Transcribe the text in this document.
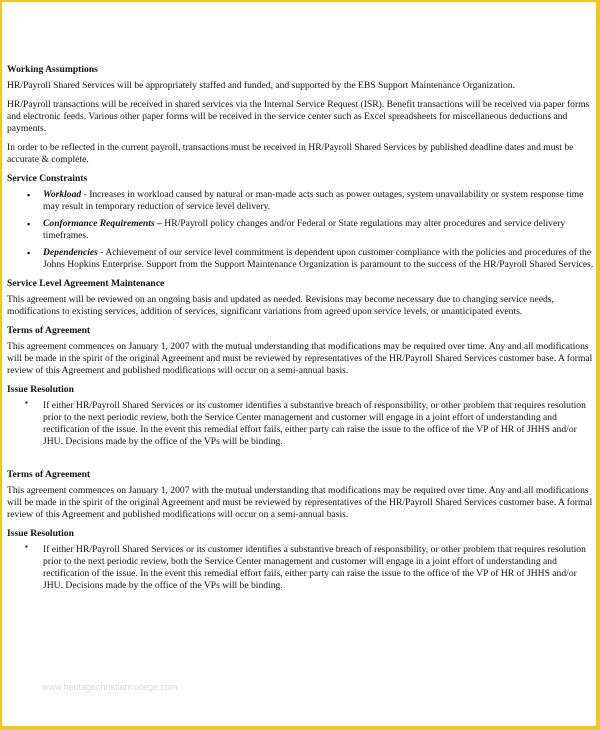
Working Assumptions

HR/Payroll Shared Services will be appropriately staffed and funded, and supported by the EBS Support Maintenance Organization.

HR/Payroll transactions will be received in shared services via the Internal Service Request (ISR). Benefit transactions will be received via paper forms and electronic feeds. Various other paper forms will be received in the service center such as Excel spreadsheets for miscellaneous deductions and payments.

In order to be reflected in the current payroll, transactions must be received in HR/Payroll Shared Services by published deadline dates and must be accurate & complete.

Service Constraints
▪ Workload - Increases in workload caused by natural or man-made acts such as power outages, system unavailability or system response time may result in temporary reduction of service level delivery.
▪ Conformance Requirements – HR/Payroll policy changes and/or Federal or State regulations may alter procedures and service delivery timeframes.
▪ Dependencies - Achievement of our service level commitment is dependent upon customer compliance with the policies and procedures of the Johns Hopkins Enterprise. Support from the Support Maintenance Organization is paramount to the success of the HR/Payroll Shared Services.
Service Level Agreement Maintenance

This agreement will be reviewed on an ongoing basis and updated as needed. Revisions may become necessary due to changing service needs, modifications to existing services, addition of services, significant variations from agreed upon service levels, or unanticipated events.

Terms of Agreement

This agreement commences on January 1, 2007 with the mutual understanding that modifications may be required over time. Any and all modifications will be made in the spirit of the original Agreement and must be reviewed by representatives of the HR/Payroll Shared Services customer base. A formal review of this Agreement and published modifications will occur on a semi-annual basis.

Issue Resolution
▪ If either HR/Payroll Shared Services or its customer identifies a substantive breach of responsibility, or other problem that requires resolution prior to the next periodic review, both the Service Center management and customer will engage in a joint effort of understanding and rectification of the issue. In the event this remedial effort fails, either party can raise the issue to the office of the VP of HR of JHHS and/or JHU. Decisions made by the office of the VPs will be binding.
Terms of Agreement

This agreement commences on January 1, 2007 with the mutual understanding that modifications may be required over time. Any and all modifications will be made in the spirit of the original Agreement and must be reviewed by representatives of the HR/Payroll Shared Services customer base. A formal review of this Agreement and published modifications will occur on a semi-annual basis.

Issue Resolution
▪ If either HR/Payroll Shared Services or its customer identifies a substantive breach of responsibility, or other problem that requires resolution prior to the next periodic review, both the Service Center management and customer will engage in a joint effort of understanding and rectification of the issue. In the event this remedial effort fails, either party can raise the issue to the office of the VP of HR of JHHS and/or JHU. Decisions made by the office of the VPs will be binding.
www.heritagechristiancollege.com
